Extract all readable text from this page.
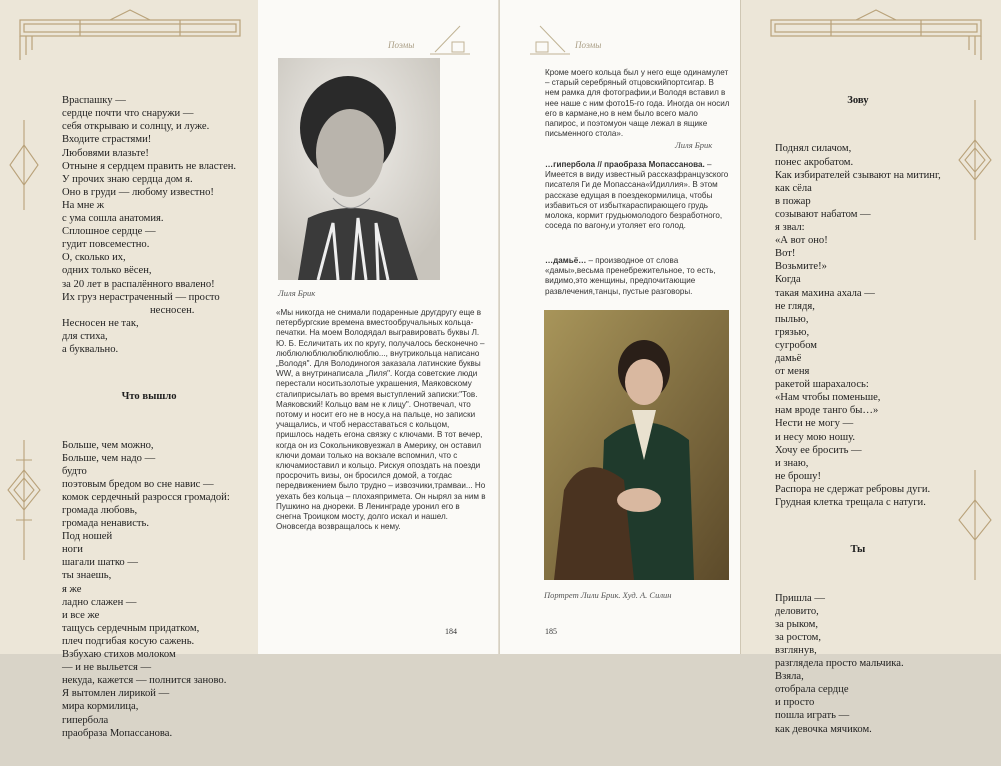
Враспашку —
сердце почти что снаружи —
себя открываю и солнцу, и луже.
Входите страстями!
Любовями влазьте!
Отныне я сердцем править не властен.
У прочих знаю сердца дом я.
Оно в груди — любому известно!
На мне ж
с ума сошла анатомия.
Сплошное сердце —
гудит повсеместно.
О, сколько их,
одних только вёсен,
за 20 лет в распалённого ввалено!
Их груз нерастраченный — просто
несносен.
Несносен не так,
для стиха,
а буквально.

Что вышло

Больше, чем можно,
Больше, чем надо —
будто
поэтовым бредом во сне навис —
комок сердечный разросся громадой:
громада любовь,
громада ненависть.
Под ношей
ноги
шагали шатко —
ты знаешь,
я же
ладно слажен —
и все же
тащусь сердечным придатком,
плеч подгибая косую сажень.
Взбухаю стихов молоком
— и не выльется —
некуда, кажется — полнится заново.
Я вытомлен лирикой —
мира кормилица,
гипербола
праобраза Мопассанова.

Поэмы
Лиля Брик
«Мы никогда не снимали подаренные другдругу еще в петербургские времена вместообручальных кольца-печатки. На моем Володядал выгравировать буквы Л. Ю. Б. Есличитать их по кругу, получалось бесконечно –люблюлюблюлюблюлюблю..., внутрикольца написано „Володя". Для Володиногоя заказала латинские буквы WW, а внутринаписала „Лиля". Когда советские люди перестали носитьзолотые украшения, Маяковскому сталиприсылать во время выступлений записки:"Тов. Маяковский! Кольцо вам не к лицу". Онотвечал, что потому и носит его не в носу,а на пальце, но записки учащались, и чтоб нерасставаться с кольцом, пришлось надеть егона связку с ключами. В тот вечер, когда он из Сокольниковуезжал в Америку, он оставил ключи домаи только на вокзале вспомнил, что с ключамиоставил и кольцо. Рискуя опоздать на поезди просрочить визы, он бросился домой, а тогдас передвижением было трудно – извозчики,трамваи... Но уехать без кольца – плохаяпримета. Он нырял за ним в Пушкино на днореки. В Ленинграде уронил его в снегна Троицком мосту, долго искал и нашел. Оновсегда возвращалось к нему.
184
Поэмы
Кроме моего кольца был у него еще одинамулет – старый серебряный отцовскийпортсигар. В нем рамка для фотографии,и Володя вставил в нее наше с ним фото15-го года. Иногда он носил его в кармане,но в нем было всего мало папирос, и поэтомуон чаще лежал в ящике письменного стола».
Лиля Брик
…гипербола // праобраза Мопассанова. –
Имеется в виду известный рассказфранцузского писателя Ги де Мопассана«Идиллия». В этом рассказе едущая в поездекормилица, чтобы избавиться от избыткараспирающего грудь молока, кормит грудьюмолодого безработного, соседа по вагону,и утоляет его голод.
…дамьё… – производное от слова «дамы»,весьма пренебрежительное, то есть, видимо,это женщины, предпочитающие развлечения,танцы, пустые разговоры.
Портрет Лили Брик. Худ. А. Силин
185

Зову

Поднял силачом,
понес акробатом.
Как избирателей сзывают на митинг,
как сёла
в пожар
созывают набатом —
я звал:
«А вот оно!
Вот!
Возьмите!»
Когда
такая махина ахала —
не глядя,
пылью,
грязью,
сугробом
дамьё
от меня
ракетой шарахалось:
«Нам чтобы поменьше,
нам вроде танго бы…»
Нести не могу —
и несу мою ношу.
Хочу ее бросить —
и знаю,
не брошу!
Распора не сдержат ребровы дуги.
Грудная клетка трещала с натуги.

Ты

Пришла —
деловито,
за рыком,
за ростом,
взглянув,
разглядела просто мальчика.
Взяла,
отобрала сердце
и просто
пошла играть —
как девочка мячиком.
